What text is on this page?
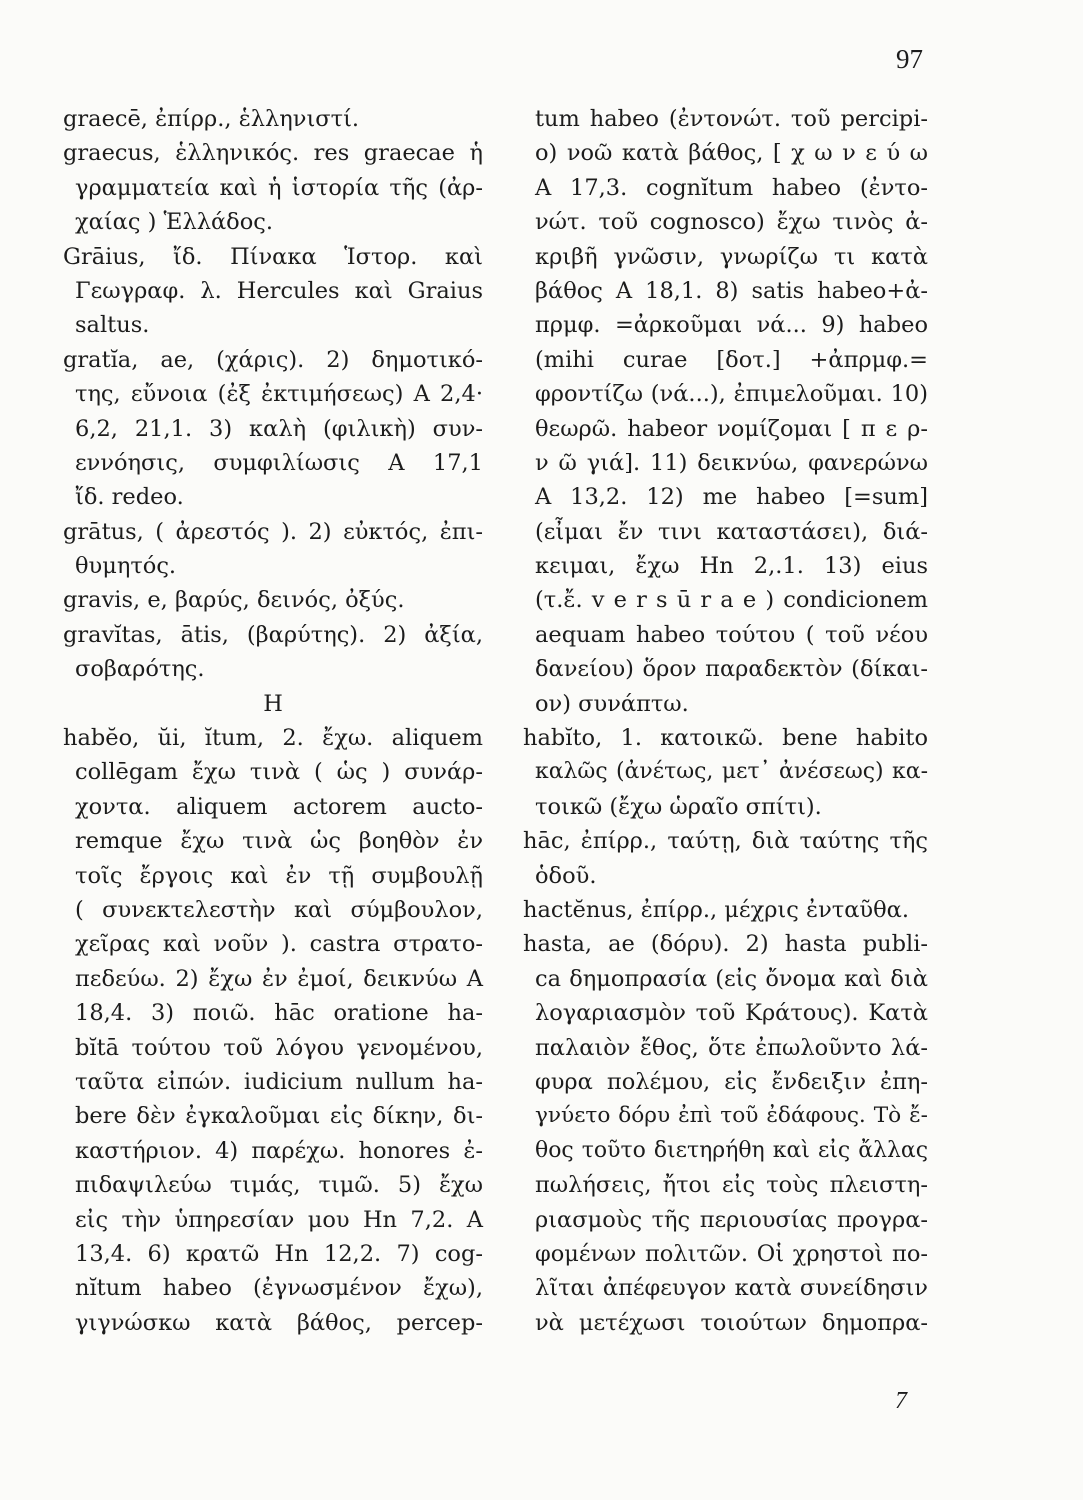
97
graecē, ἐπίρρ., ἑλληνιστί.
graecus, ἑλληνικός. res graecae ἡ
γραμματεία καὶ ἡ ἱστορία τῆς (ἀρ-
χαίας ) Ἑλλάδος.
Grāius, ἴδ. Πίνακα Ἱστορ. καὶ
Γεωγραφ. λ. Hercules καὶ Graius
saltus.
gratĭa, ae, (χάρις). 2) δημοτικό-
της, εὔνοια (ἐξ ἐκτιμήσεως) Α 2,4·
6,2, 21,1. 3) καλὴ (φιλικὴ) συν-
εννόησις, συμφιλίωσις Α 17,1
ἴδ. redeo.
grātus, ( ἀρεστός ). 2) εὐκτός, ἐπι-
θυμητός.
gravis, e, βαρύς, δεινός, ὀξύς.
gravĭtas, ātis, (βαρύτης). 2) ἀξία,
σοβαρότης.
H
habĕo, ŭi, ĭtum, 2. ἔχω. aliquem
collēgam ἔχω τινὰ ( ὡς ) συνάρ-
χοντα. aliquem actorem aucto-
remque ἔχω τινὰ ὡς βοηθὸν ἐν
τοῖς ἔργοις καὶ ἐν τῇ συμβουλῇ
( συνεκτελεστὴν καὶ σύμβουλον,
χεῖρας καὶ νοῦν ). castra στρατο-
πεδεύω. 2) ἔχω ἐν ἐμοί, δεικνύω Α
18,4. 3) ποιῶ. hāc oratione ha-
bĭtā τούτου τοῦ λόγου γενομένου,
ταῦτα εἰπών. iudicium nullum ha-
bere δὲν ἐγκαλοῦμαι εἰς δίκην, δι-
καστήριον. 4) παρέχω. honores ἐ-
πιδαψιλεύω τιμάς, τιμῶ. 5) ἔχω
εἰς τὴν ὑπηρεσίαν μου Hn 7,2. Α
13,4. 6) κρατῶ Hn 12,2. 7) cog-
nĭtum habeo (ἐγνωσμένον ἔχω),
γιγνώσκω κατὰ βάθος, percep-
tum habeo (ἐντονώτ. τοῦ percipi-
o) νοῶ κατὰ βάθος, [ χ ω ν ε ύ ω
Α 17,3. cognĭtum habeo (ἐντο-
νώτ. τοῦ cognosco) ἔχω τινὸς ἀ-
κριβῆ γνῶσιν, γνωρίζω τι κατὰ
βάθος Α 18,1. 8) satis habeo+ἀ-
πρμφ. =ἀρκοῦμαι νά... 9) habeo
(mihi curae [δοτ.] +ἀπρμφ.=
φροντίζω (νά...), ἐπιμελοῦμαι. 10)
θεωρῶ. habeor νομίζομαι [ π ε ρ-
ν ῶ γιά]. 11) δεικνύω, φανερώνω
Α 13,2. 12) me habeo [=sum]
(εἶμαι ἔν τινι καταστάσει), διά-
κειμαι, ἔχω Hn 2,.1. 13) eius
(τ.ἔ. v e r s ū r a e ) condicionem
aequam habeo τούτου ( τοῦ νέου
δανείου) ὅρον παραδεκτὸν (δίκαι-
ον) συνάπτω.
habĭto, 1. κατοικῶ. bene habito
καλῶς (ἀνέτως, μετ᾽ ἀνέσεως) κα-
τοικῶ (ἔχω ὡραῖο σπίτι).
hāc, ἐπίρρ., ταύτῃ, διὰ ταύτης τῆς
ὁδοῦ.
hactĕnus, ἐπίρρ., μέχρις ἐνταῦθα.
hasta, ae (δόρυ). 2) hasta publi-
ca δημοπρασία (εἰς ὄνομα καὶ διὰ
λογαριασμὸν τοῦ Κράτους). Κατὰ
παλαιὸν ἔθος, ὅτε ἐπωλοῦντο λά-
φυρα πολέμου, εἰς ἔνδειξιν ἐπη-
γνύετο δόρυ ἐπὶ τοῦ ἐδάφους. Τὸ ἔ-
θος τοῦτο διετηρήθη καὶ εἰς ἄλλας
πωλήσεις, ἤτοι εἰς τοὺς πλειστη-
ριασμοὺς τῆς περιουσίας προγρα-
φομένων πολιτῶν. Οἱ χρηστοὶ πο-
λῖται ἀπέφευγον κατὰ συνείδησιν
νὰ μετέχωσι τοιούτων δημοπρα-
7
